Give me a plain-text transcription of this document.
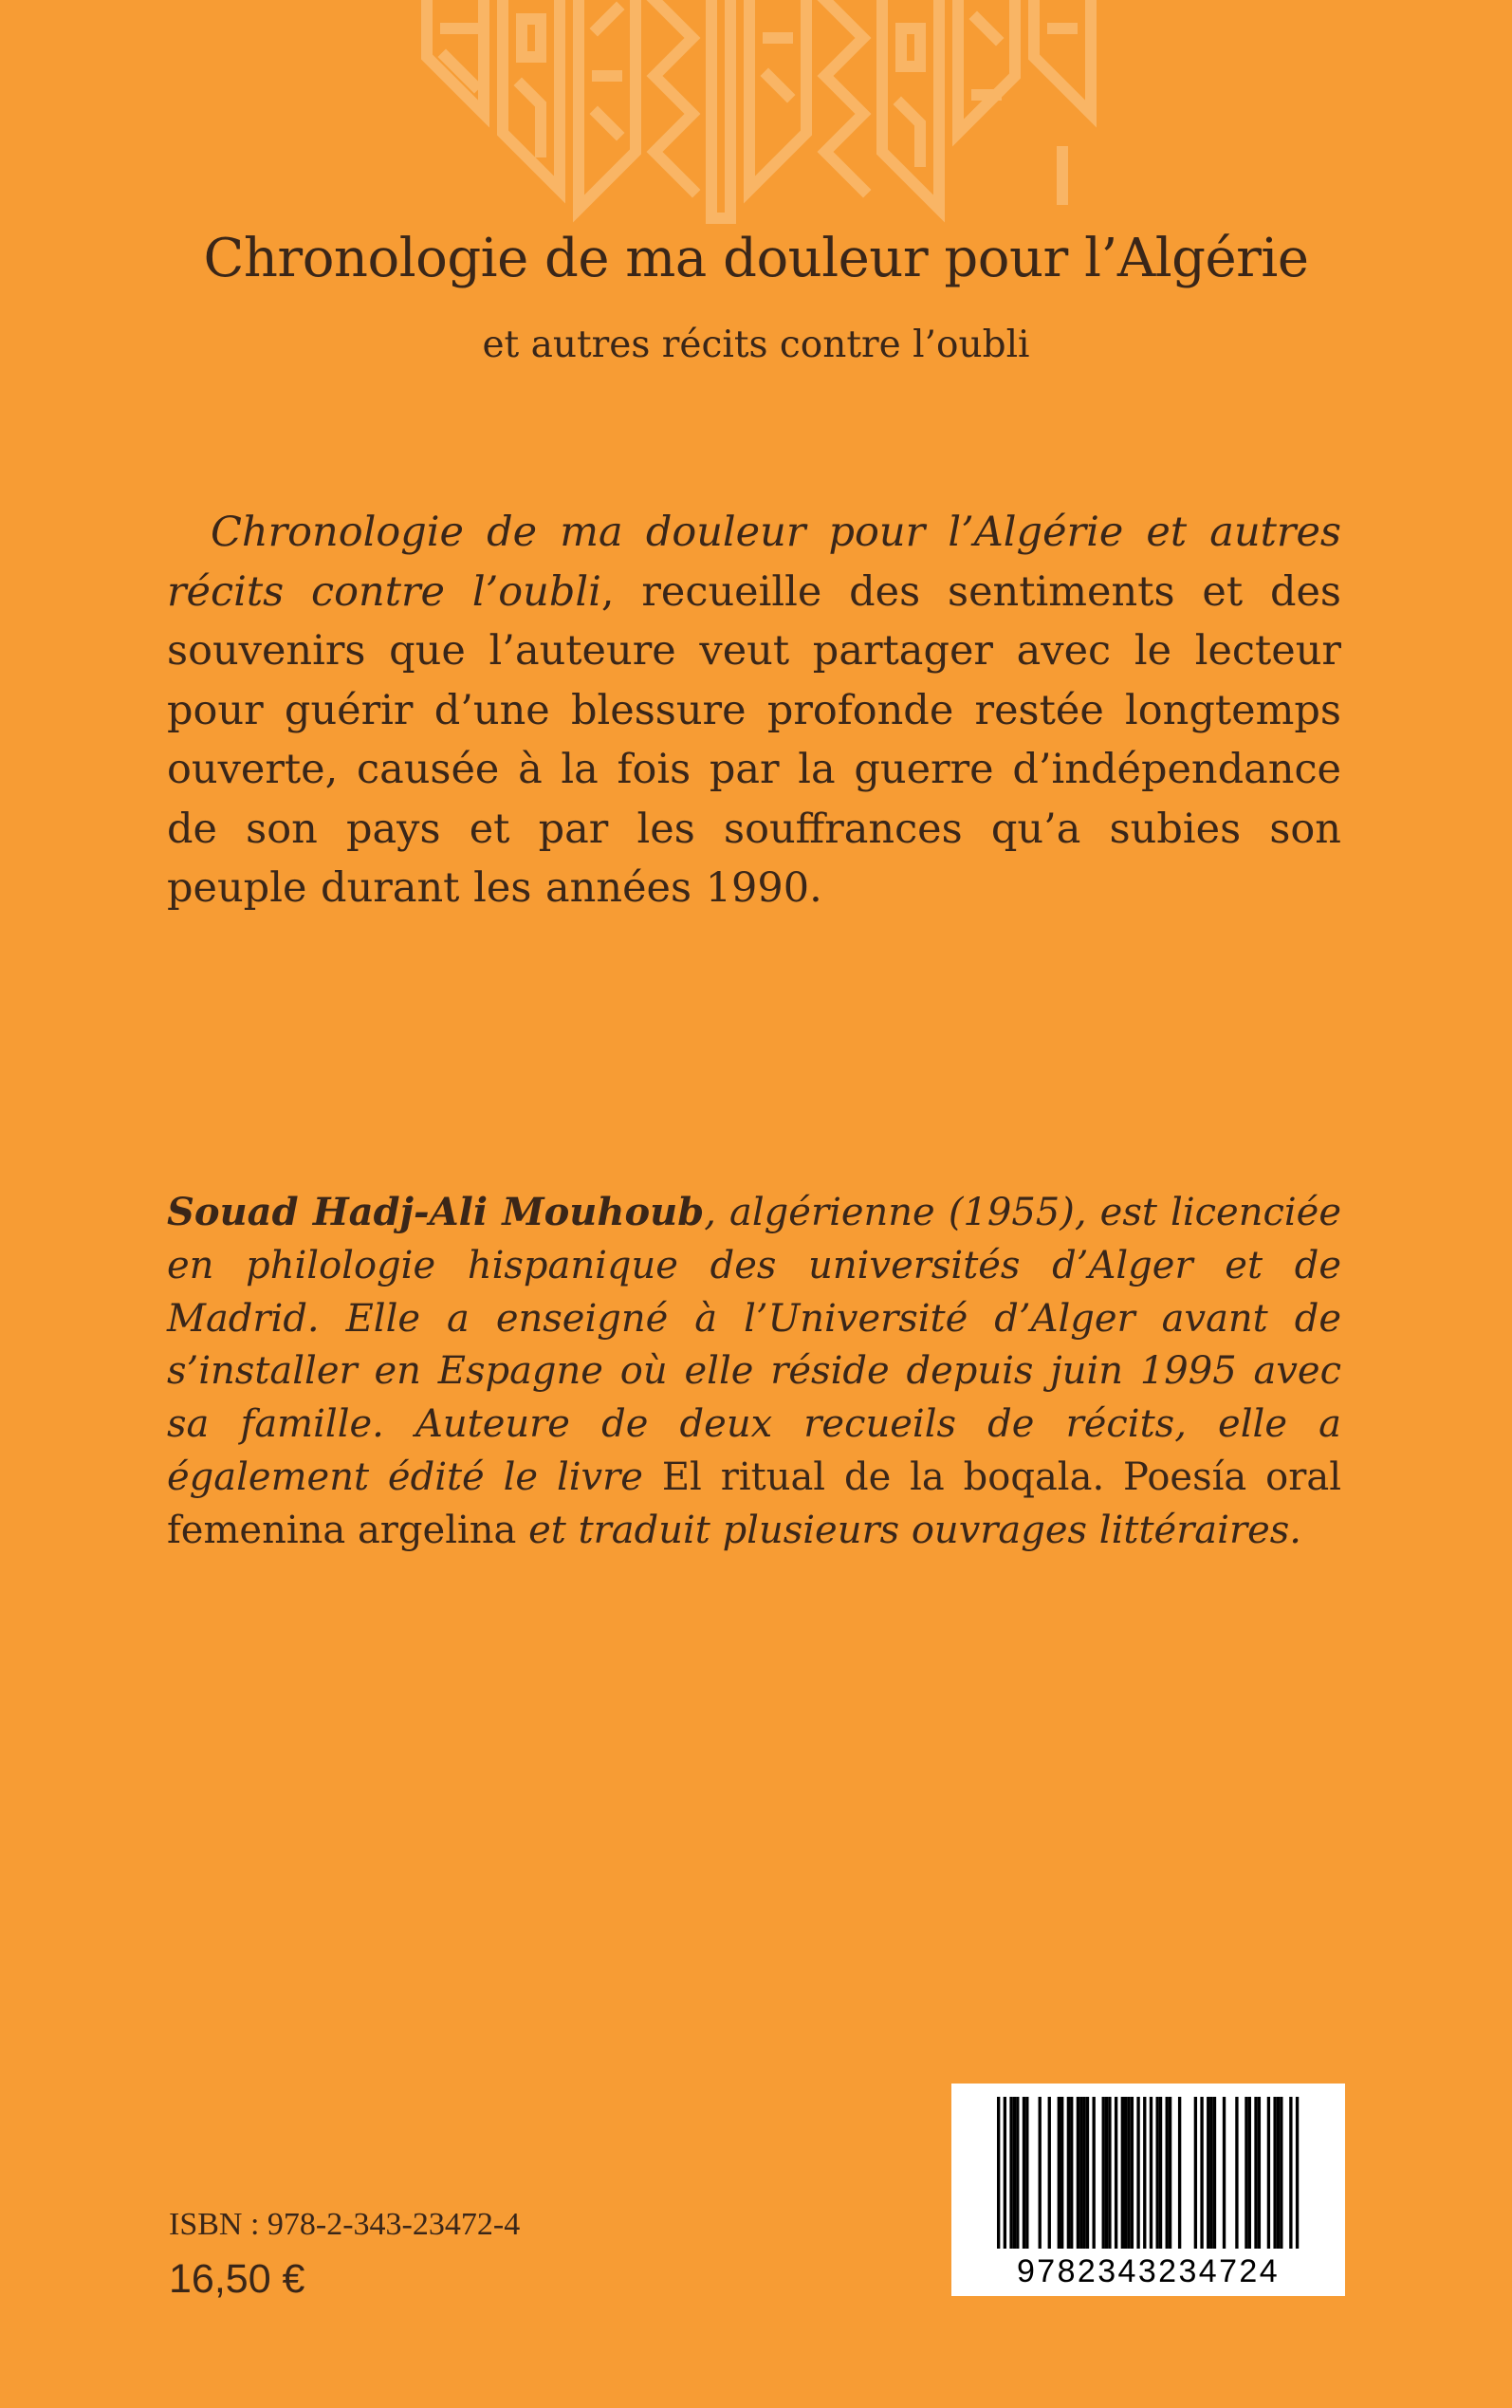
Chronologie de ma douleur pour l’Algérie
et autres récits contre l’oubli
Chronologie de ma douleur pour l’Algérie et autres récits contre l’oubli, recueille des sentiments et des souvenirs que l’auteure veut partager avec le lecteur pour guérir d’une blessure profonde restée longtemps ouverte, causée à la fois par la guerre d’indépendance de son pays et par les souffrances qu’a subies son peuple durant les années 1990.
Souad Hadj-Ali Mouhoub, algérienne (1955), est licenciée en philologie hispanique des universités d’Alger et de Madrid. Elle a enseigné à l’Université d’Alger avant de s’installer en Espagne où elle réside depuis juin 1995 avec sa famille. Auteure de deux recueils de récits, elle a également édité le livre El ritual de la boqala. Poesía oral femenina argelina et traduit plusieurs ouvrages littéraires.
ISBN : 978-2-343-23472-4
16,50 €	9782343234724
